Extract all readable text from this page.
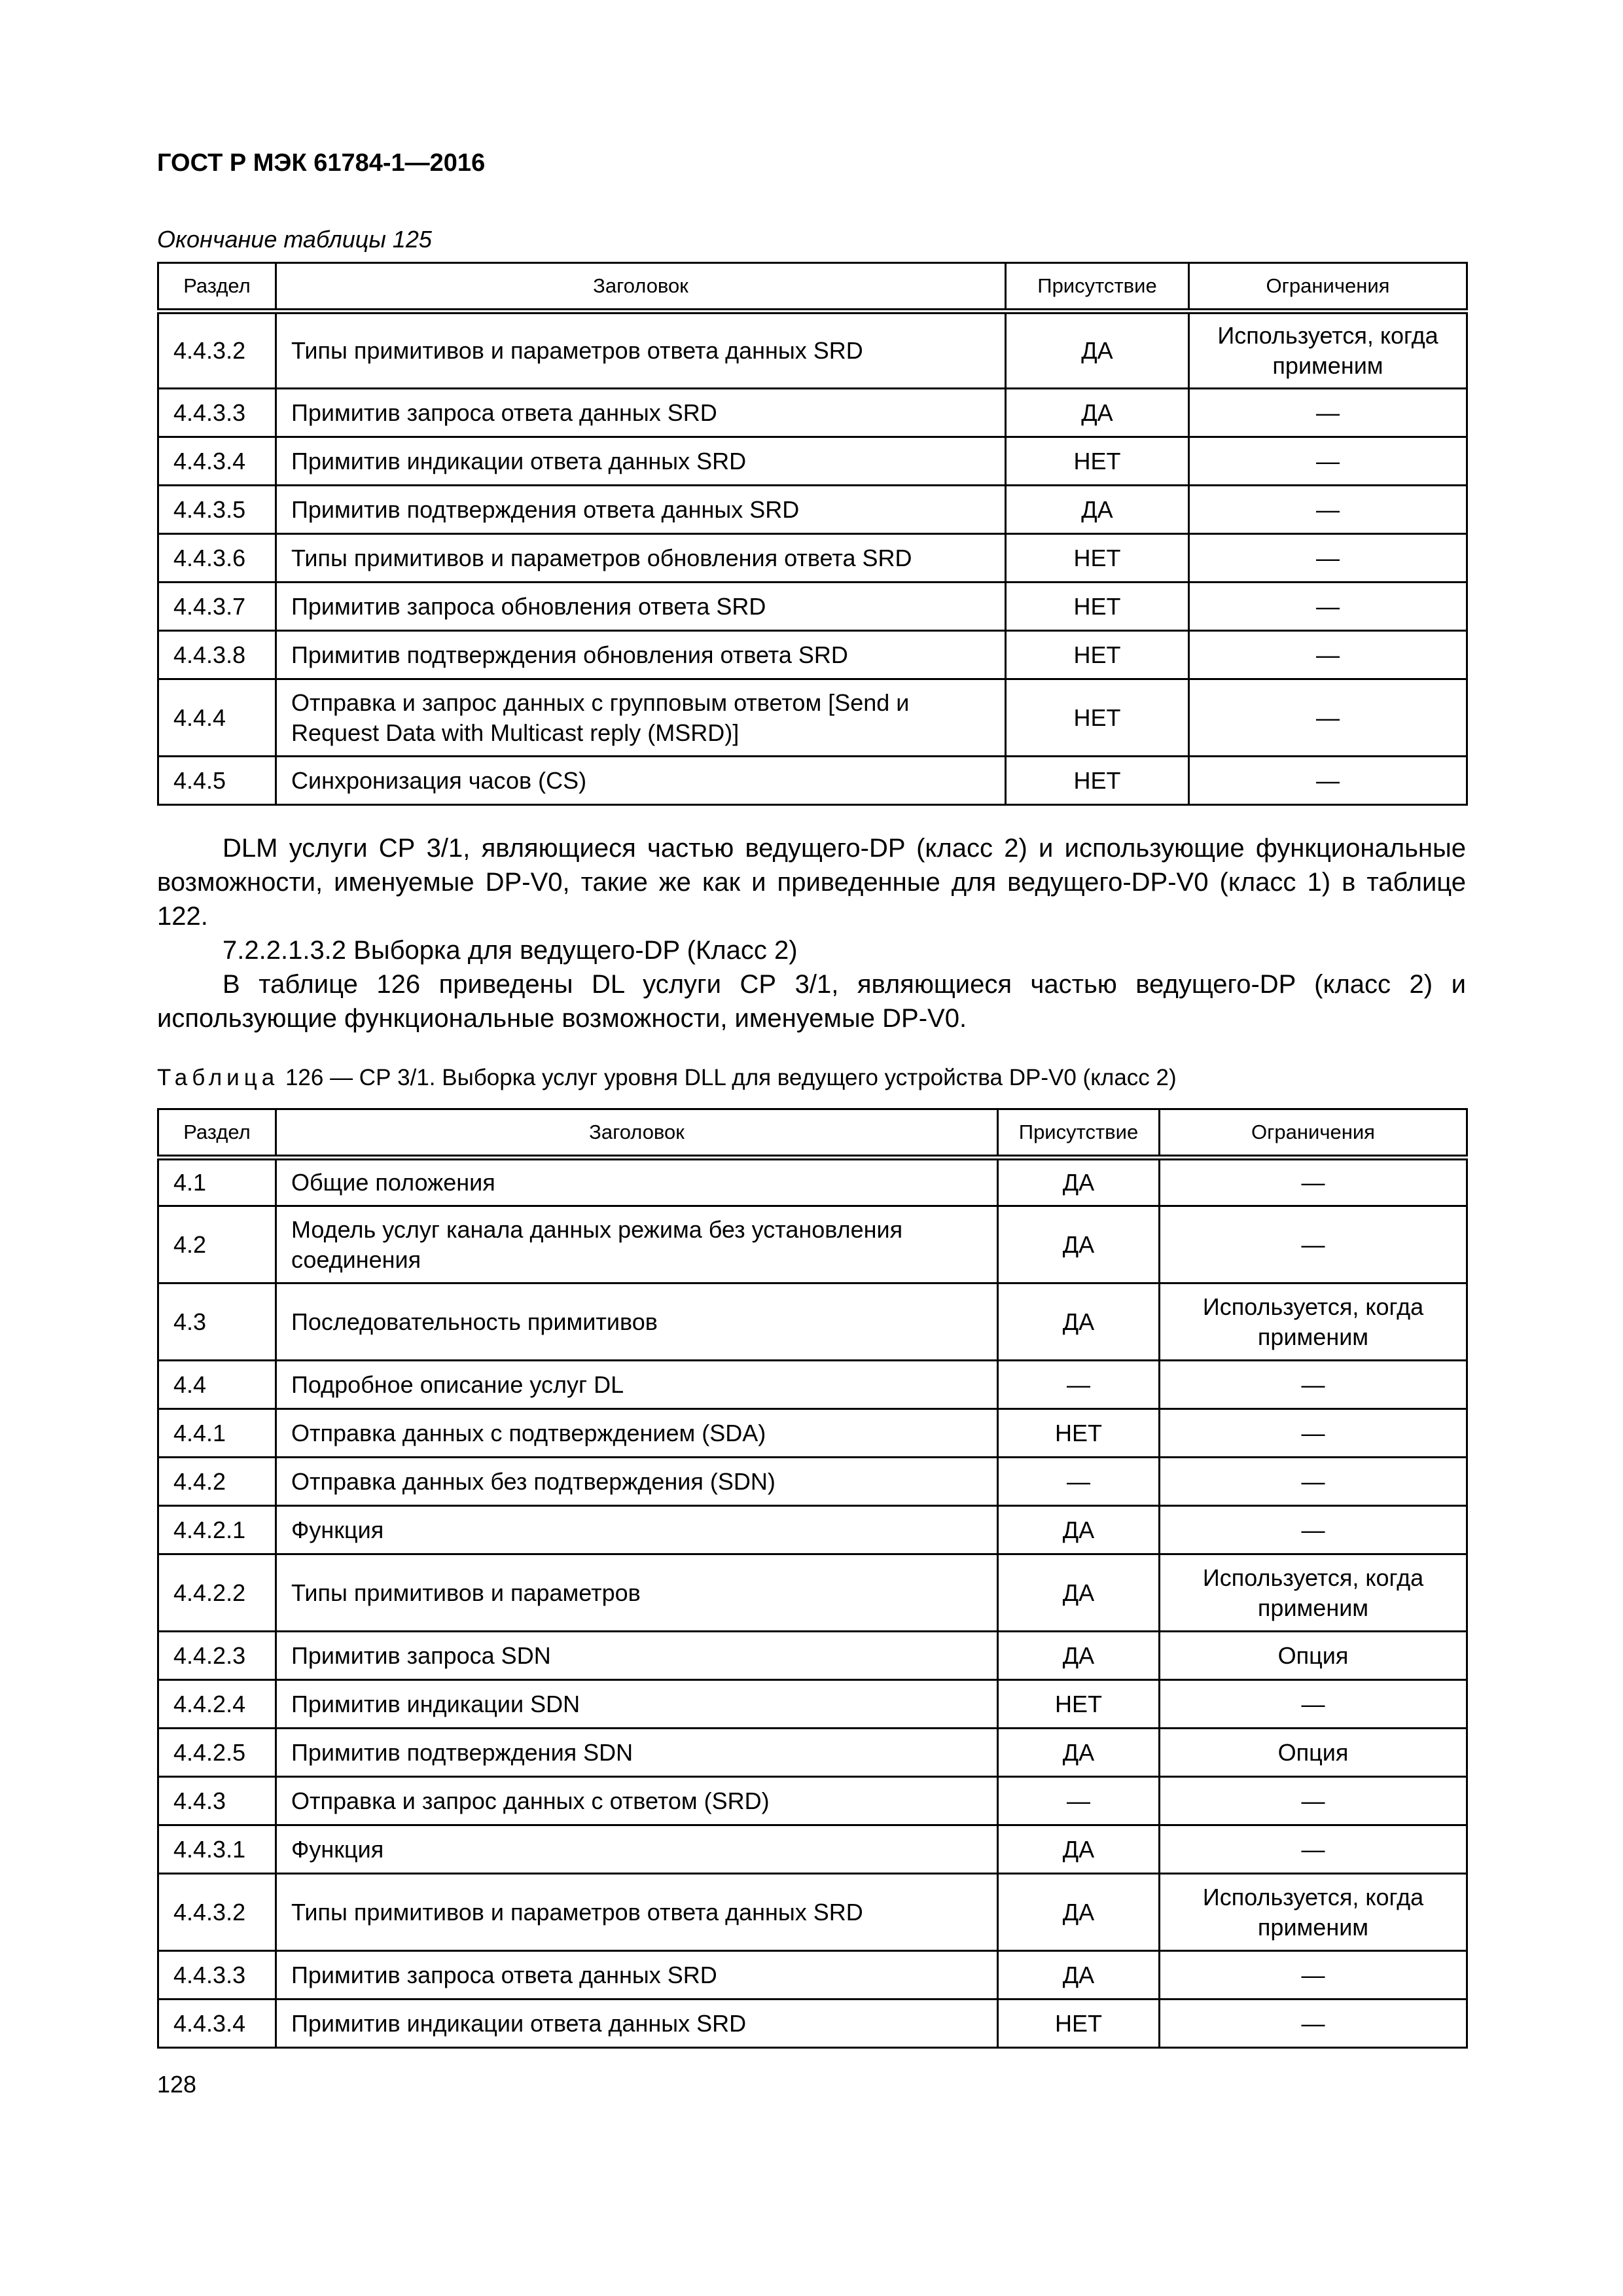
ГОСТ Р МЭК 61784-1—2016
Окончание таблицы 125
Раздел	Заголовок	Присутствие	Ограничения
4.4.3.2	Типы примитивов и параметров ответа данных SRD	ДА	Используется, когда применим
4.4.3.3	Примитив запроса ответа данных SRD	ДА	—
4.4.3.4	Примитив индикации ответа данных SRD	НЕТ	—
4.4.3.5	Примитив подтверждения ответа данных SRD	ДА	—
4.4.3.6	Типы примитивов и параметров обновления ответа SRD	НЕТ	—
4.4.3.7	Примитив запроса обновления ответа SRD	НЕТ	—
4.4.3.8	Примитив подтверждения обновления ответа SRD	НЕТ	—
4.4.4	Отправка и запрос данных с групповым ответом [Send и Request Data with Multicast reply (MSRD)]	НЕТ	—
4.4.5	Синхронизация часов (CS)	НЕТ	—

DLM услуги СР 3/1, являющиеся частью ведущего-DP (класс 2) и использующие функциональные возможности, именуемые DP-V0, такие же как и приведенные для ведущего-DP-V0 (класс 1) в таблице 122.

7.2.2.1.3.2 Выборка для ведущего-DP (Класс 2)

В таблице 126 приведены DL услуги СР 3/1, являющиеся частью ведущего-DP (класс 2) и использующие функциональные возможности, именуемые DP-V0.

Таблица 126 — СР 3/1. Выборка услуг уровня DLL для ведущего устройства DP-V0 (класс 2)
Раздел	Заголовок	Присутствие	Ограничения
4.1	Общие положения	ДА	—
4.2	Модель услуг канала данных режима без установления соединения	ДА	—
4.3	Последовательность примитивов	ДА	Используется, когда применим
4.4	Подробное описание услуг DL	—	—
4.4.1	Отправка данных с подтверждением (SDA)	НЕТ	—
4.4.2	Отправка данных без подтверждения (SDN)	—	—
4.4.2.1	Функция	ДА	—
4.4.2.2	Типы примитивов и параметров	ДА	Используется, когда применим
4.4.2.3	Примитив запроса SDN	ДА	Опция
4.4.2.4	Примитив индикации SDN	НЕТ	—
4.4.2.5	Примитив подтверждения SDN	ДА	Опция
4.4.3	Отправка и запрос данных с ответом (SRD)	—	—
4.4.3.1	Функция	ДА	—
4.4.3.2	Типы примитивов и параметров ответа данных SRD	ДА	Используется, когда применим
4.4.3.3	Примитив запроса ответа данных SRD	ДА	—
4.4.3.4	Примитив индикации ответа данных SRD	НЕТ	—
128
